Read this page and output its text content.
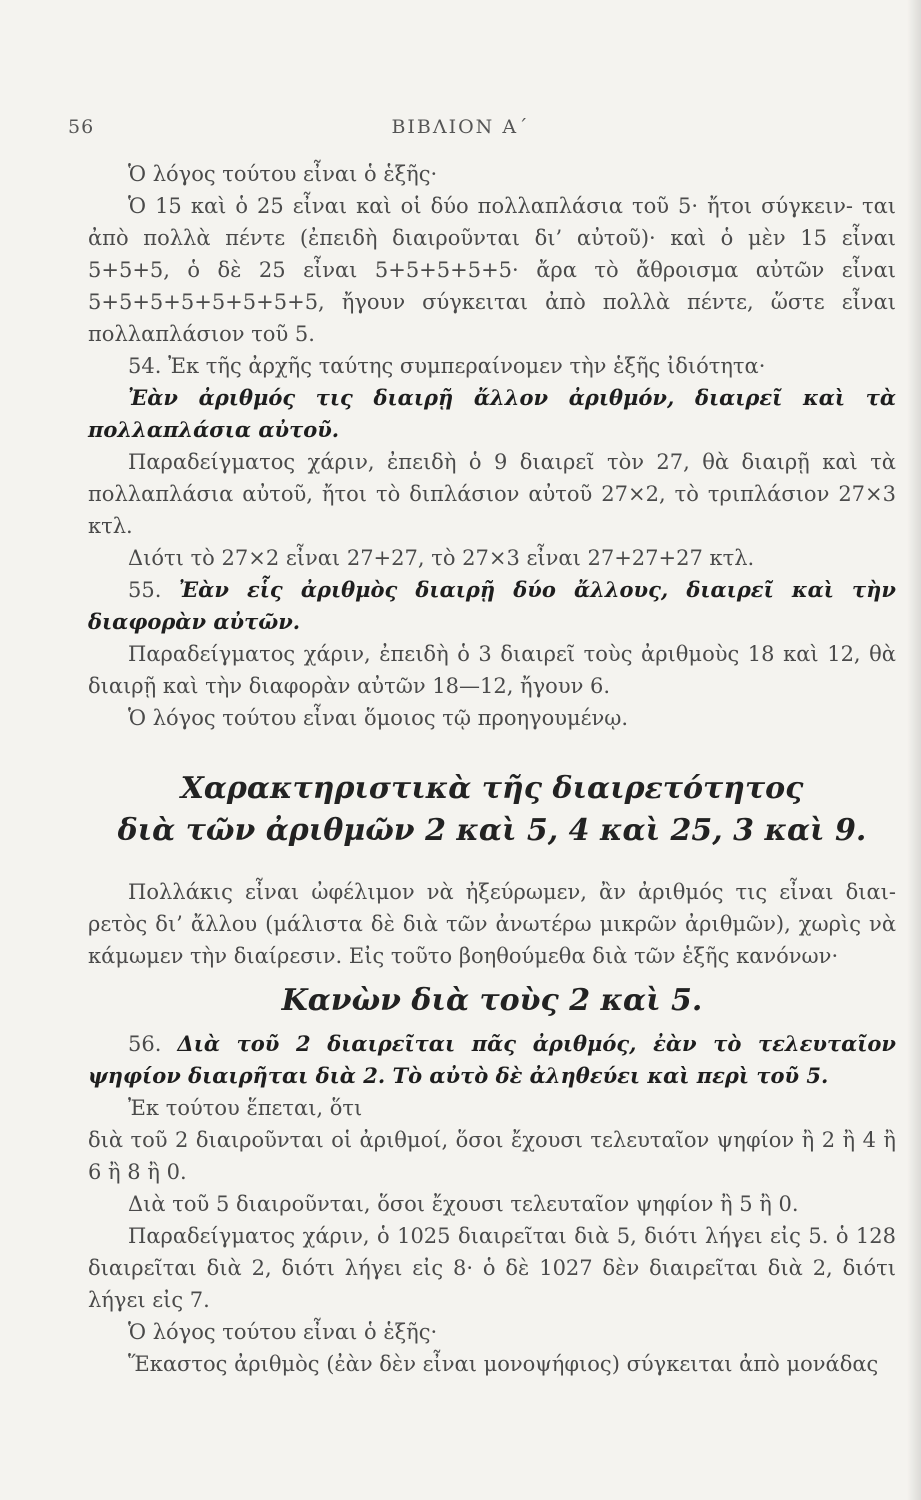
56	ΒΙΒΛΙΟΝ Α΄

Ὁ λόγος τούτου εἶναι ὁ ἑξῆς·

Ὁ 15 καὶ ὁ 25 εἶναι καὶ οἱ δύο πολλαπλάσια τοῦ 5· ἤτοι σύγκειν- ται ἀπὸ πολλὰ πέντε (ἐπειδὴ διαιροῦνται δι’ αὐτοῦ)· καὶ ὁ μὲν 15 εἶναι 5+5+5, ὁ δὲ 25 εἶναι 5+5+5+5+5· ἄρα τὸ ἄθροισμα αὐτῶν εἶναι 5+5+5+5+5+5+5+5, ἤγουν σύγκειται ἀπὸ πολλὰ πέντε, ὥστε εἶναι πολλαπλάσιον τοῦ 5.

54. Ἐκ τῆς ἀρχῆς ταύτης συμπεραίνομεν τὴν ἑξῆς ἰδιότητα·

Ἐὰν ἀριθμός τις διαιρῇ ἄλλον ἀριθμόν, διαιρεῖ καὶ τὰ πολλαπλάσια αὐτοῦ.

Παραδείγματος χάριν, ἐπειδὴ ὁ 9 διαιρεῖ τὸν 27, θὰ διαιρῇ καὶ τὰ πολλαπλάσια αὐτοῦ, ἤτοι τὸ διπλάσιον αὐτοῦ 27×2, τὸ τριπλάσιον 27×3 κτλ.

Διότι τὸ 27×2 εἶναι 27+27, τὸ 27×3 εἶναι 27+27+27 κτλ.

55. Ἐὰν εἷς ἀριθμὸς διαιρῇ δύο ἄλλους, διαιρεῖ καὶ τὴν διαφορὰν αὐτῶν.

Παραδείγματος χάριν, ἐπειδὴ ὁ 3 διαιρεῖ τοὺς ἀριθμοὺς 18 καὶ 12, θὰ διαιρῇ καὶ τὴν διαφορὰν αὐτῶν 18—12, ἤγουν 6.

Ὁ λόγος τούτου εἶναι ὅμοιος τῷ προηγουμένῳ.

Χαρακτηριστικὰ τῆς διαιρετότητος
διὰ τῶν ἀριθμῶν 2 καὶ 5, 4 καὶ 25, 3 καὶ 9.

Πολλάκις εἶναι ὠφέλιμον νὰ ἠξεύρωμεν, ἂν ἀριθμός τις εἶναι διαι- ρετὸς δι’ ἄλλου (μάλιστα δὲ διὰ τῶν ἀνωτέρω μικρῶν ἀριθμῶν), χωρὶς νὰ κάμωμεν τὴν διαίρεσιν. Εἰς τοῦτο βοηθούμεθα διὰ τῶν ἑξῆς κανόνων·

Κανὼν διὰ τοὺς 2 καὶ 5.

56. Διὰ τοῦ 2 διαιρεῖται πᾶς ἀριθμός, ἐὰν τὸ τελευταῖον ψηφίον διαιρῆται διὰ 2. Τὸ αὐτὸ δὲ ἀληθεύει καὶ περὶ τοῦ 5.

Ἐκ τούτου ἕπεται, ὅτι

διὰ τοῦ 2 διαιροῦνται οἱ ἀριθμοί, ὅσοι ἔχουσι τελευταῖον ψηφίον ἢ 2 ἢ 4 ἢ 6 ἢ 8 ἢ 0.

Διὰ τοῦ 5 διαιροῦνται, ὅσοι ἔχουσι τελευταῖον ψηφίον ἢ 5 ἢ 0.

Παραδείγματος χάριν, ὁ 1025 διαιρεῖται διὰ 5, διότι λήγει εἰς 5. ὁ 128 διαιρεῖται διὰ 2, διότι λήγει εἰς 8· ὁ δὲ 1027 δὲν διαιρεῖται διὰ 2, διότι λήγει εἰς 7.

Ὁ λόγος τούτου εἶναι ὁ ἑξῆς·

Ἕκαστος ἀριθμὸς (ἐὰν δὲν εἶναι μονοψήφιος) σύγκειται ἀπὸ μονάδας
